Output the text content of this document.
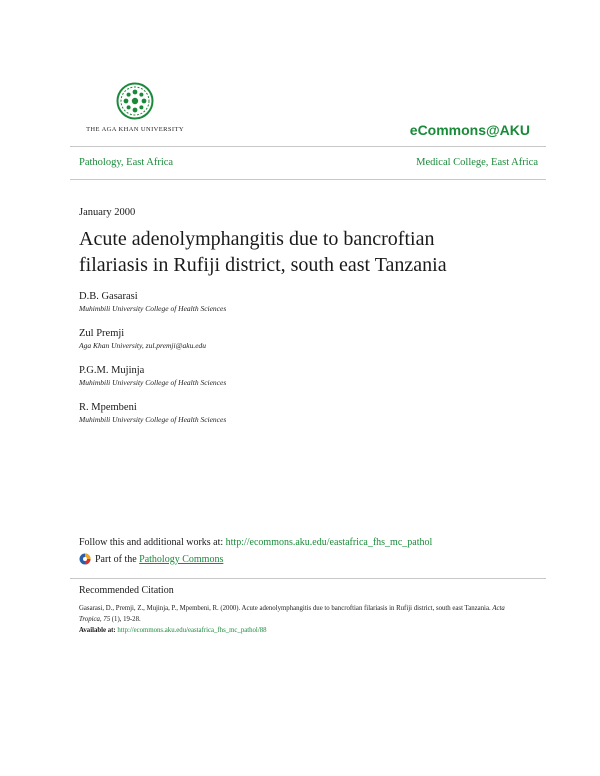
THE AGA KHAN UNIVERSITY	eCommons@AKU
Pathology, East Africa	Medical College, East Africa
January 2000
Acute adenolymphangitis due to bancroftian filariasis in Rufiji district, south east Tanzania
D.B. Gasarasi
Muhimbili University College of Health Sciences
Zul Premji
Aga Khan University, zul.premji@aku.edu
P.G.M. Mujinja
Muhimbili University College of Health Sciences
R. Mpembeni
Muhimbili University College of Health Sciences
Follow this and additional works at: http://ecommons.aku.edu/eastafrica_fhs_mc_pathol
Part of the
Pathology Commons
Recommended Citation
Gasarasi, D., Premji, Z., Mujinja, P., Mpembeni, R. (2000). Acute adenolymphangitis due to bancroftian filariasis in Rufiji district, south east Tanzania. Acta Tropica, 75 (1), 19-28.
Available at: http://ecommons.aku.edu/eastafrica_fhs_mc_pathol/88
